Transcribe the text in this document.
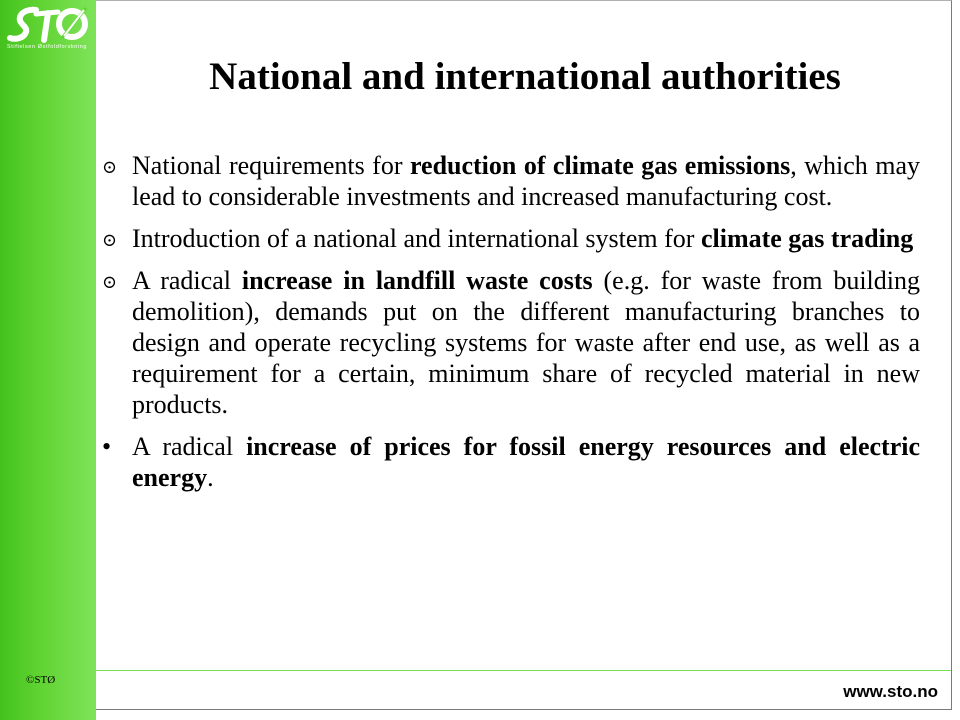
Stiftelsen Østfoldforskning
©STØ
National and international authorities
⊙ National requirements for reduction of climate gas emissions, which may lead to considerable investments and increased manufacturing cost.
⊙ Introduction of a national and international system for climate gas trading
⊙ A radical increase in landfill waste costs (e.g. for waste from building demolition), demands put on the different manufacturing branches to design and operate recycling systems for waste after end use, as well as a requirement for a certain, minimum share of recycled material in new products.
• A radical increase of prices for fossil energy resources and electric energy.
www.sto.no
